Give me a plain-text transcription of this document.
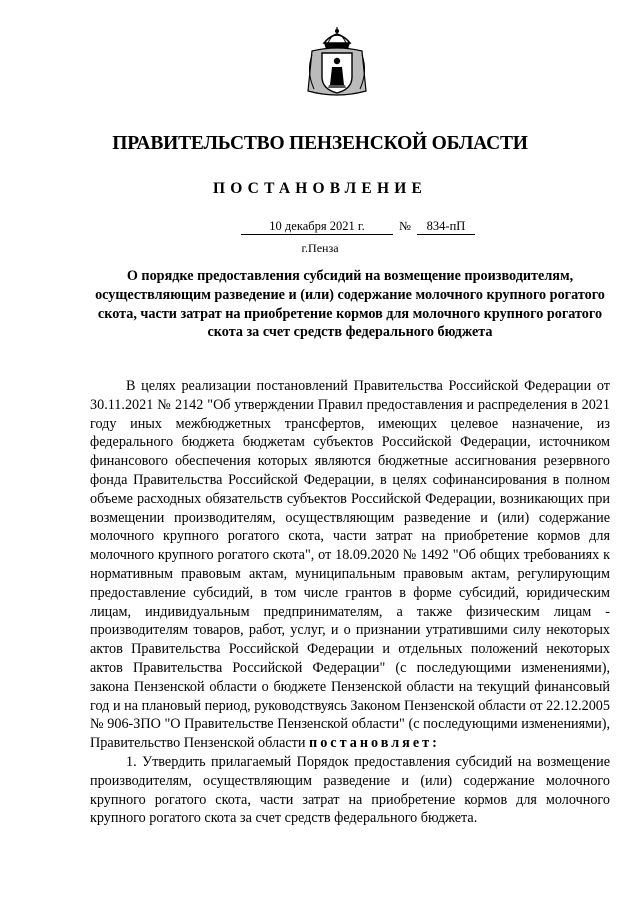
ПРАВИТЕЛЬСТВО ПЕНЗЕНСКОЙ ОБЛАСТИ
ПОСТАНОВЛЕНИЕ
10 декабря 2021 г.	№	834-пП
г.Пенза
О порядке предоставления субсидий на возмещение производителям, осуществляющим разведение и (или) содержание молочного крупного рогатого скота, части затрат на приобретение кормов для молочного крупного рогатого скота за счет средств федерального бюджета

В целях реализации постановлений Правительства Российской Федерации от 30.11.2021 № 2142 "Об утверждении Правил предоставления и распределения в 2021 году иных межбюджетных трансфертов, имеющих целевое назначение, из федерального бюджета бюджетам субъектов Российской Федерации, источником финансового обеспечения которых являются бюджетные ассигнования резервного фонда Правительства Российской Федерации, в целях софинансирования в полном объеме расходных обязательств субъектов Российской Федерации, возникающих при возмещении производителям, осуществляющим разведение и (или) содержание молочного крупного рогатого скота, части затрат на приобретение кормов для молочного крупного рогатого скота", от 18.09.2020 № 1492 "Об общих требованиях к нормативным правовым актам, муниципальным правовым актам, регулирующим предоставление субсидий, в том числе грантов в форме субсидий, юридическим лицам, индивидуальным предпринимателям, а также физическим лицам - производителям товаров, работ, услуг, и о признании утратившими силу некоторых актов Правительства Российской Федерации и отдельных положений некоторых актов Правительства Российской Федерации" (с последующими изменениями), закона Пензенской области о бюджете Пензенской области на текущий финансовый год и на плановый период, руководствуясь Законом Пензенской области от 22.12.2005 № 906-ЗПО "О Правительстве Пензенской области" (с последующими изменениями), Правительство Пензенской области постановляет:

1. Утвердить прилагаемый Порядок предоставления субсидий на возмещение производителям, осуществляющим разведение и (или) содержание молочного крупного рогатого скота, части затрат на приобретение кормов для молочного крупного рогатого скота за счет средств федерального бюджета.
